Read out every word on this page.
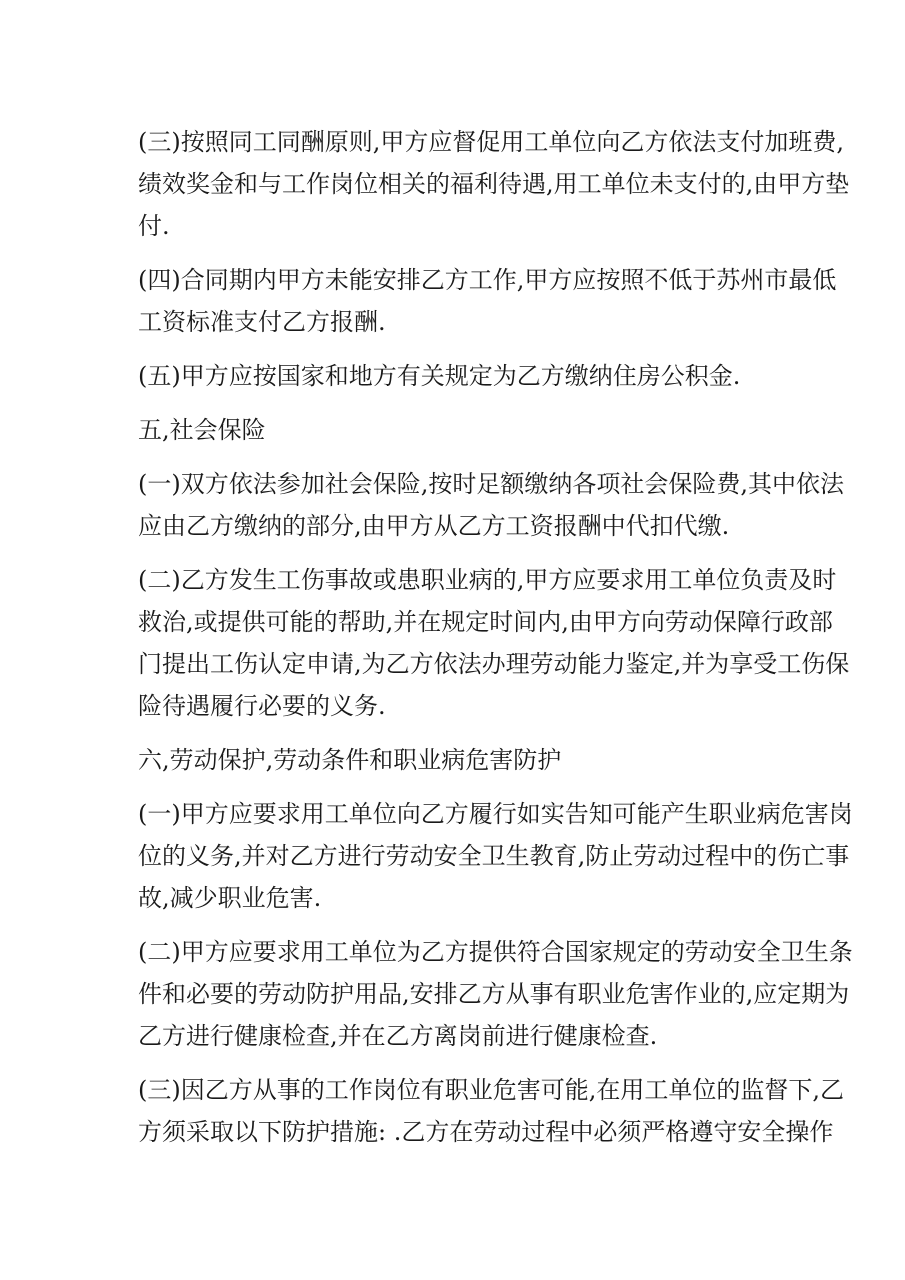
(三)按照同工同酬原则,甲方应督促用工单位向乙方依法支付加班费,
绩效奖金和与工作岗位相关的福利待遇,用工单位未支付的,由甲方垫
付.

(四)合同期内甲方未能安排乙方工作,甲方应按照不低于苏州市最低
工资标准支付乙方报酬.

(五)甲方应按国家和地方有关规定为乙方缴纳住房公积金.

五,社会保险

(一)双方依法参加社会保险,按时足额缴纳各项社会保险费,其中依法
应由乙方缴纳的部分,由甲方从乙方工资报酬中代扣代缴.

(二)乙方发生工伤事故或患职业病的,甲方应要求用工单位负责及时
救治,或提供可能的帮助,并在规定时间内,由甲方向劳动保障行政部
门提出工伤认定申请,为乙方依法办理劳动能力鉴定,并为享受工伤保
险待遇履行必要的义务.

六,劳动保护,劳动条件和职业病危害防护

(一)甲方应要求用工单位向乙方履行如实告知可能产生职业病危害岗
位的义务,并对乙方进行劳动安全卫生教育,防止劳动过程中的伤亡事
故,减少职业危害.

(二)甲方应要求用工单位为乙方提供符合国家规定的劳动安全卫生条
件和必要的劳动防护用品,安排乙方从事有职业危害作业的,应定期为
乙方进行健康检查,并在乙方离岗前进行健康检查.

(三)因乙方从事的工作岗位有职业危害可能,在用工单位的监督下,乙
方须采取以下防护措施: .乙方在劳动过程中必须严格遵守安全操作
